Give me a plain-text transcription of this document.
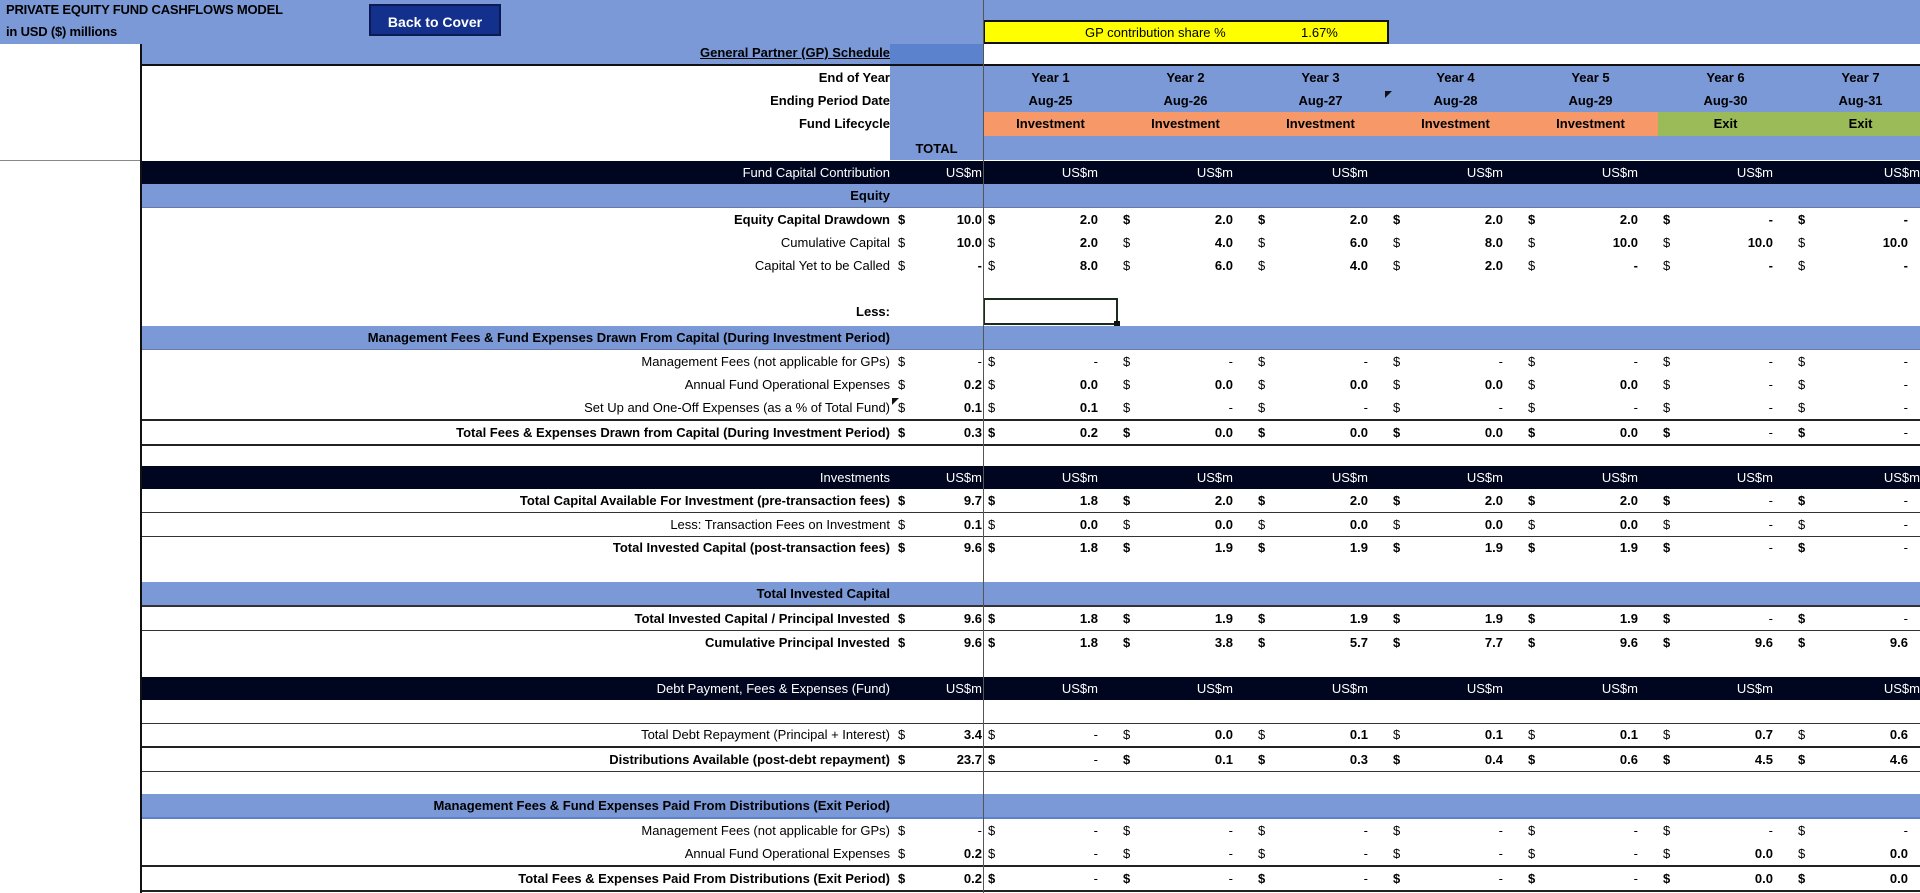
PRIVATE EQUITY FUND CASHFLOWS MODEL
in USD ($) millions
Back to Cover
GP contribution share %	1.67%
General Partner (GP) Schedule
End of Year
Ending Period Date
Fund Lifecycle
Year 1	Year 2	Year 3	Year 4	Year 5	Year 6	Year 7
Aug-25	Aug-26	Aug-27	Aug-28	Aug-29	Aug-30	Aug-31
Investment	Investment	Investment	Investment	Investment	Exit	Exit
TOTAL
Fund Capital Contribution	US$m	US$m	US$m	US$m	US$m	US$m	US$m	US$m
Equity
Equity Capital Drawdown $	10.0 $	2.0 $	2.0 $	2.0 $	2.0 $	2.0 $	- $	-
Cumulative Capital $	10.0 $	2.0 $	4.0 $	6.0 $	8.0 $	10.0 $	10.0 $	10.0
Capital Yet to be Called $	- $	8.0 $	6.0 $	4.0 $	2.0 $	- $	- $	-
Less:
Management Fees & Fund Expenses Drawn From Capital (During Investment Period)
Management Fees (not applicable for GPs) $	- $	- $	- $	- $	- $	- $	- $	-
Annual Fund Operational Expenses $	0.2 $	0.0 $	0.0 $	0.0 $	0.0 $	0.0 $	- $	-
Set Up and One-Off Expenses (as a % of Total Fund) $	0.1 $	0.1 $	- $	- $	- $	- $	- $	-
Total Fees & Expenses Drawn from Capital (During Investment Period) $	0.3 $	0.2 $	0.0 $	0.0 $	0.0 $	0.0 $	- $	-
Investments	US$m	US$m	US$m	US$m	US$m	US$m	US$m	US$m
Total Capital Available For Investment (pre-transaction fees) $	9.7 $	1.8 $	2.0 $	2.0 $	2.0 $	2.0 $	- $	-
Less: Transaction Fees on Investment $	0.1 $	0.0 $	0.0 $	0.0 $	0.0 $	0.0 $	- $	-
Total Invested Capital (post-transaction fees) $	9.6 $	1.8 $	1.9 $	1.9 $	1.9 $	1.9 $	- $	-
Total Invested Capital
Total Invested Capital / Principal Invested $	9.6 $	1.8 $	1.9 $	1.9 $	1.9 $	1.9 $	- $	-
Cumulative Principal Invested $	9.6 $	1.8 $	3.8 $	5.7 $	7.7 $	9.6 $	9.6 $	9.6
Debt Payment, Fees & Expenses (Fund)	US$m	US$m	US$m	US$m	US$m	US$m	US$m	US$m
Total Debt Repayment (Principal + Interest) $	3.4 $	- $	0.0 $	0.1 $	0.1 $	0.1 $	0.7 $	0.6
Distributions Available (post-debt repayment) $	23.7 $	- $	0.1 $	0.3 $	0.4 $	0.6 $	4.5 $	4.6
Management Fees & Fund Expenses Paid From Distributions (Exit Period)
Management Fees (not applicable for GPs) $	- $	- $	- $	- $	- $	- $	- $	-
Annual Fund Operational Expenses $	0.2 $	- $	- $	- $	- $	- $	0.0 $	0.0
Total Fees & Expenses Paid From Distributions (Exit Period) $	0.2 $	- $	- $	- $	- $	- $	0.0 $	0.0
